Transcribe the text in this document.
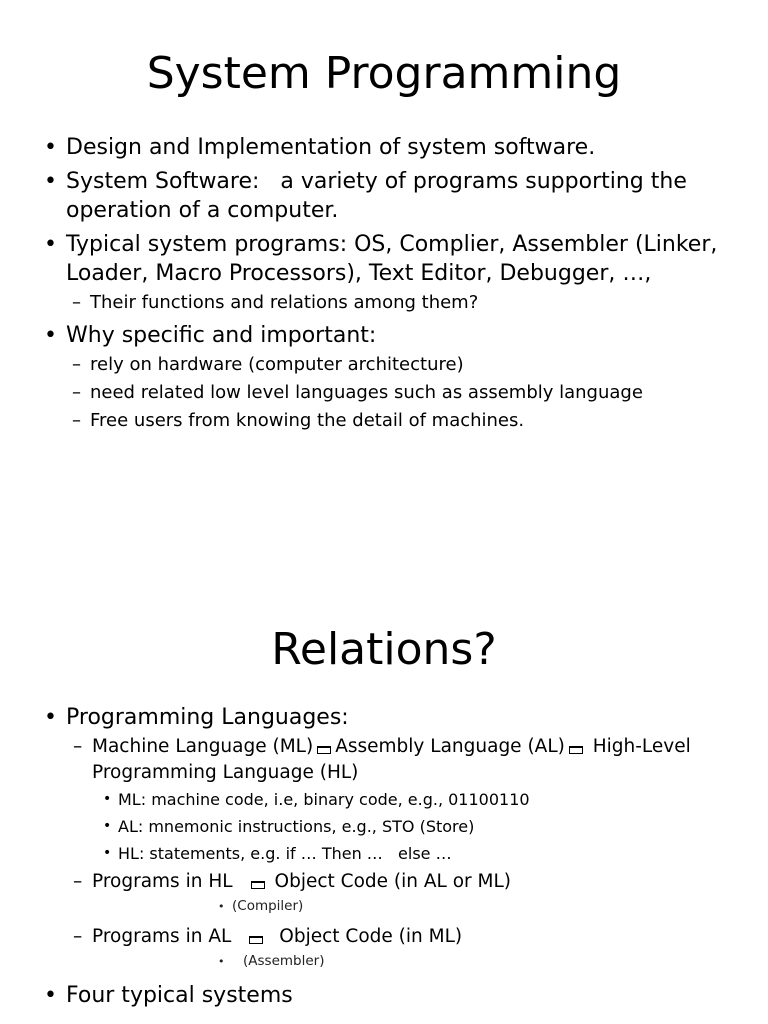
System Programming
• Design and Implementation of system software.
• System Software:   a variety of programs supporting the operation of a computer.
• Typical system programs: OS, Complier, Assembler (Linker, Loader, Macro Processors), Text Editor, Debugger, …,
– Their functions and relations among them?
• Why specific and important:
– rely on hardware (computer architecture)
– need related low level languages such as assembly language
– Free users from knowing the detail of machines.
Relations?
• Programming Languages:
– Machine Language (ML) Assembly Language (AL) High-Level Programming Language (HL)
• ML: machine code, i.e, binary code, e.g., 01100110
• AL: mnemonic instructions, e.g., STO (Store)
• HL: statements, e.g. if … Then …   else …
– Programs in HL Object Code (in AL or ML)
• (Compiler)
– Programs in AL	Object Code (in ML)
• (Assembler)
• Four typical systems
